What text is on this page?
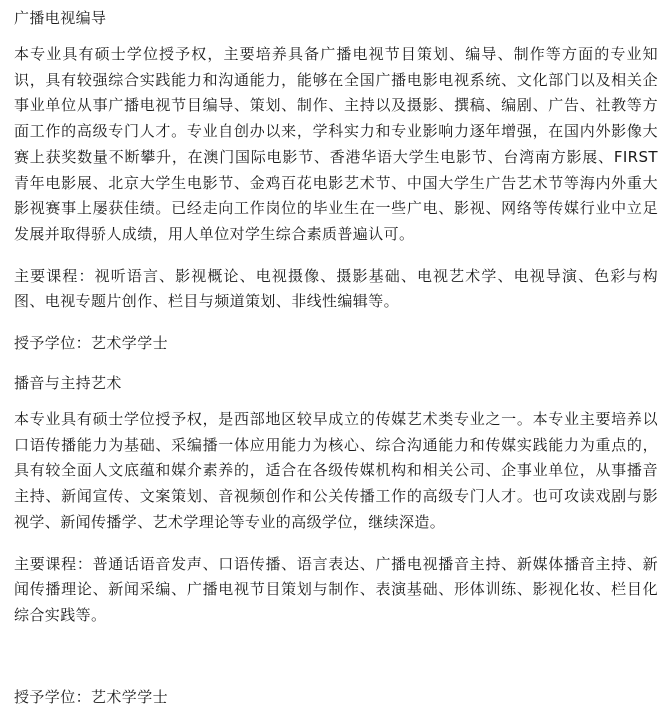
广播电视编导

本专业具有硕士学位授予权，主要培养具备广播电视节目策划、编导、制作等方面的专业知识，具有较强综合实践能力和沟通能力，能够在全国广播电影电视系统、文化部门以及相关企事业单位从事广播电视节目编导、策划、制作、主持以及摄影、撰稿、编剧、广告、社教等方面工作的高级专门人才。专业自创办以来，学科实力和专业影响力逐年增强，在国内外影像大赛上获奖数量不断攀升，在澳门国际电影节、香港华语大学生电影节、台湾南方影展、FIRST青年电影展、北京大学生电影节、金鸡百花电影艺术节、中国大学生广告艺术节等海内外重大影视赛事上屡获佳绩。已经走向工作岗位的毕业生在一些广电、影视、网络等传媒行业中立足发展并取得骄人成绩，用人单位对学生综合素质普遍认可。

主要课程：视听语言、影视概论、电视摄像、摄影基础、电视艺术学、电视导演、色彩与构图、电视专题片创作、栏目与频道策划、非线性编辑等。

授予学位：艺术学学士

播音与主持艺术

本专业具有硕士学位授予权，是西部地区较早成立的传媒艺术类专业之一。本专业主要培养以口语传播能力为基础、采编播一体应用能力为核心、综合沟通能力和传媒实践能力为重点的，具有较全面人文底蕴和媒介素养的，适合在各级传媒机构和相关公司、企事业单位，从事播音主持、新闻宣传、文案策划、音视频创作和公关传播工作的高级专门人才。也可攻读戏剧与影视学、新闻传播学、艺术学理论等专业的高级学位，继续深造。

主要课程：普通话语音发声、口语传播、语言表达、广播电视播音主持、新媒体播音主持、新闻传播理论、新闻采编、广播电视节目策划与制作、表演基础、形体训练、影视化妆、栏目化综合实践等。

授予学位：艺术学学士
